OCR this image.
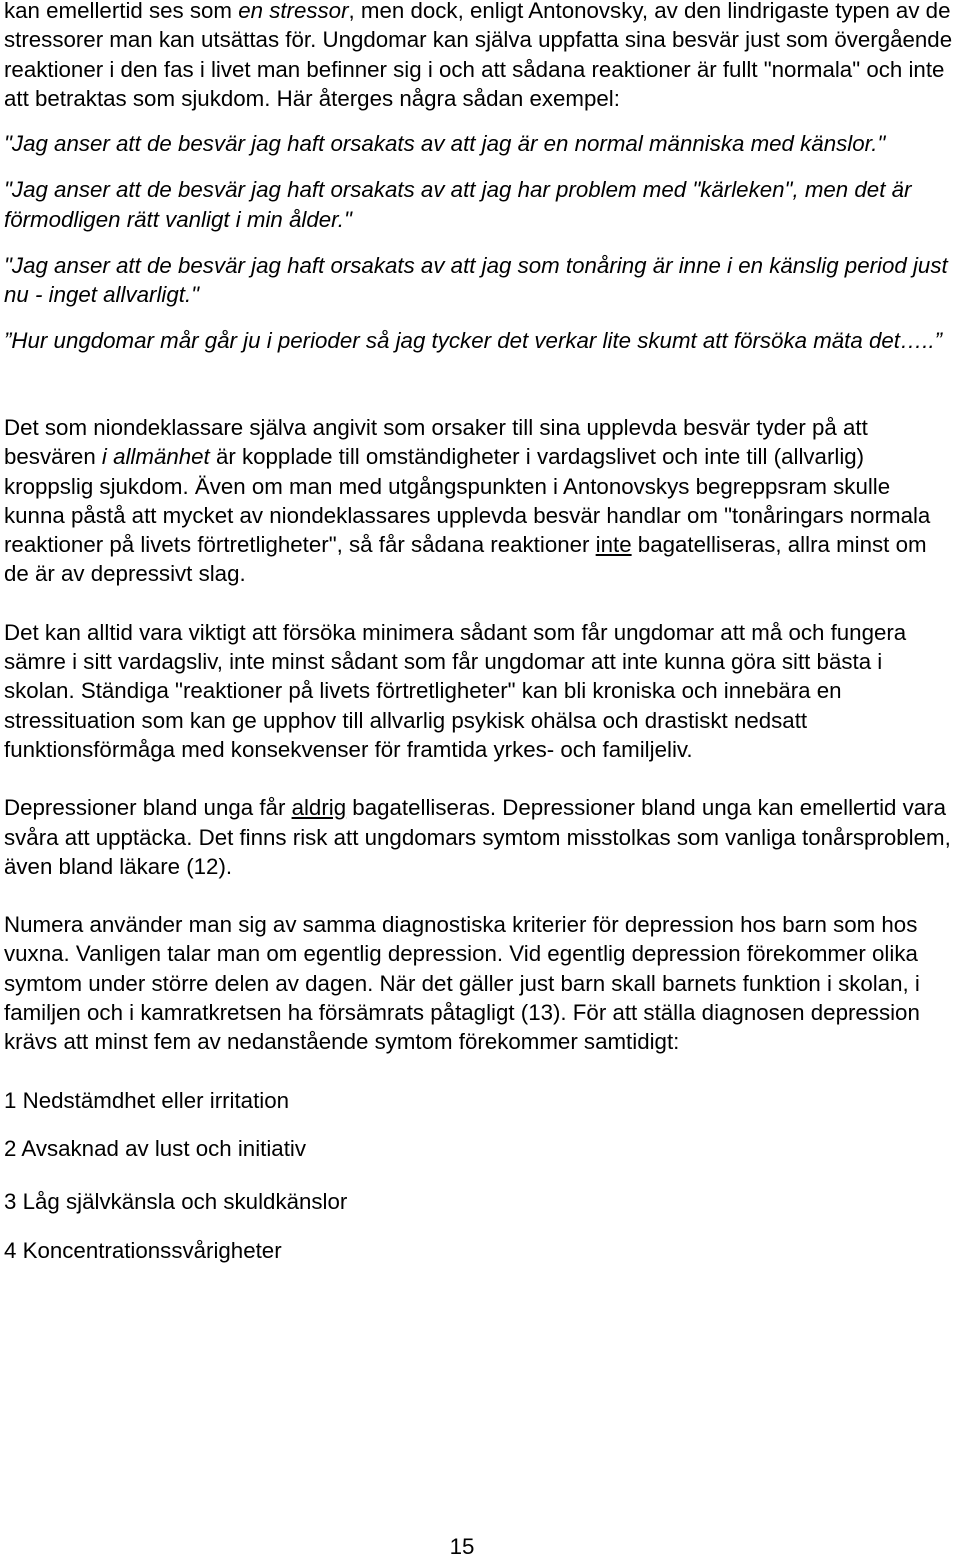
kan emellertid ses som en stressor, men dock, enligt Antonovsky, av den lindrigaste typen av de stressorer man kan utsättas för. Ungdomar kan själva uppfatta sina besvär just som övergående reaktioner i den fas i livet man befinner sig i och att sådana reaktioner är fullt "normala" och inte att betraktas som sjukdom. Här återges några sådan exempel:

"Jag anser att de besvär jag haft orsakats av att jag är en normal människa med känslor."

"Jag anser att de besvär jag haft orsakats av att jag har problem med "kärleken", men det är förmodligen rätt vanligt i min ålder."

"Jag anser att de besvär jag haft orsakats av att jag som tonåring är inne i en känslig period just nu - inget allvarligt."

”Hur ungdomar mår går ju i perioder så jag tycker det verkar lite skumt att försöka mäta det…..”

Det som niondeklassare själva angivit som orsaker till sina upplevda besvär tyder på att besvären i allmänhet är kopplade till omständigheter i vardagslivet och inte till (allvarlig) kroppslig sjukdom. Även om man med utgångspunkten i Antonovskys begreppsram skulle kunna påstå att mycket av niondeklassares upplevda besvär handlar om "tonåringars normala reaktioner på livets förtretligheter", så får sådana reaktioner inte bagatelliseras, allra minst om de är av depressivt slag.

Det kan alltid vara viktigt att försöka minimera sådant som får ungdomar att må och fungera sämre i sitt vardagsliv, inte minst sådant som får ungdomar att inte kunna göra sitt bästa i skolan. Ständiga "reaktioner på livets förtretligheter" kan bli kroniska och innebära en stressituation som kan ge upphov till allvarlig psykisk ohälsa och drastiskt nedsatt funktionsförmåga med konsekvenser för framtida yrkes- och familjeliv.

Depressioner bland unga får aldrig bagatelliseras. Depressioner bland unga kan emellertid vara svåra att upptäcka. Det finns risk att ungdomars symtom misstolkas som vanliga tonårsproblem, även bland läkare (12).

Numera använder man sig av samma diagnostiska kriterier för depression hos barn som hos vuxna. Vanligen talar man om egentlig depression. Vid egentlig depression förekommer olika symtom under större delen av dagen. När det gäller just barn skall barnets funktion i skolan, i familjen och i kamratkretsen ha försämrats påtagligt (13). För att ställa diagnosen depression krävs att minst fem av nedanstående symtom förekommer samtidigt:

1 Nedstämdhet eller irritation

2 Avsaknad av lust och initiativ

3 Låg självkänsla och skuldkänslor

4 Koncentrationssvårigheter

15
